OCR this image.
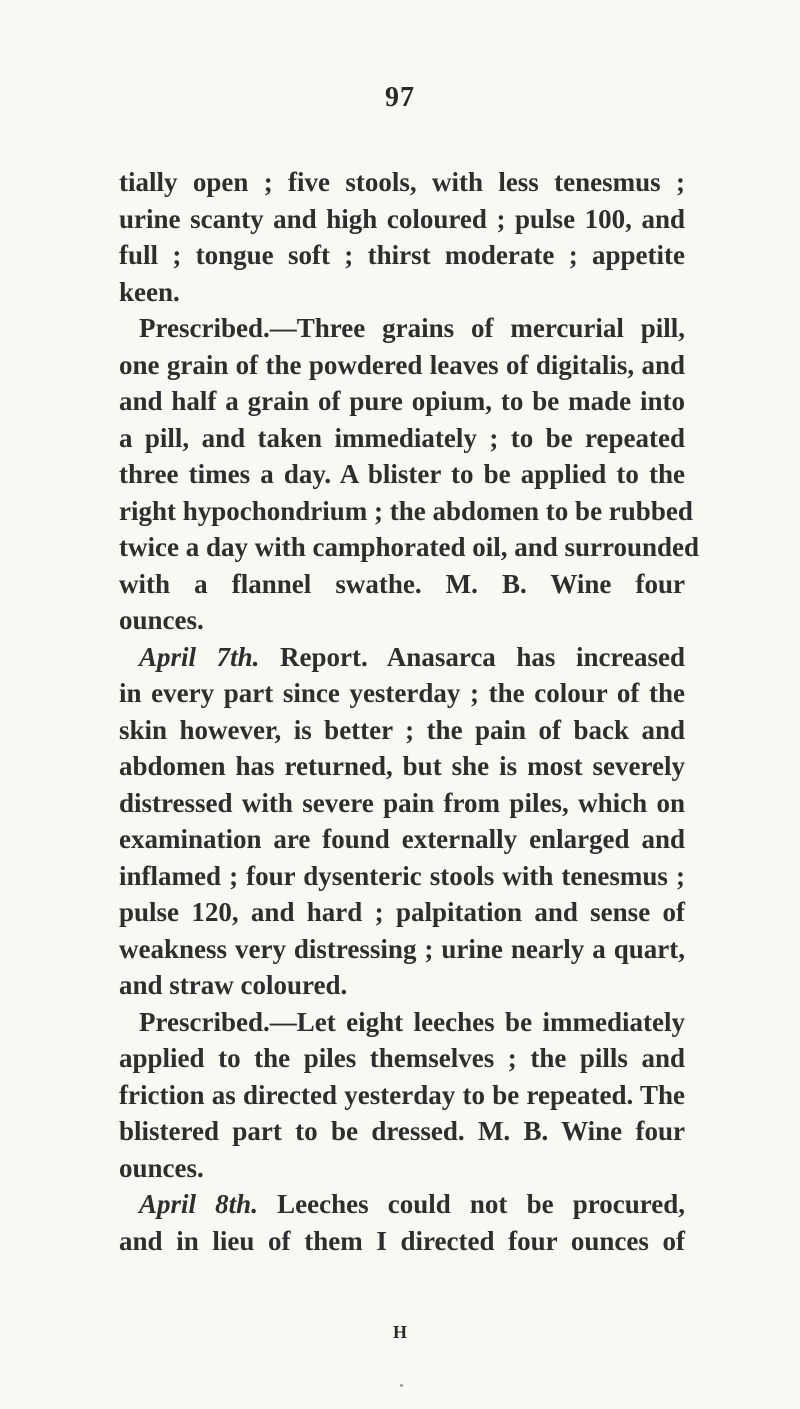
97
tially open ; five stools, with less tenesmus ;
urine scanty and high coloured ; pulse 100, and
full ; tongue soft ; thirst moderate ; appetite
keen.
Prescribed.—Three grains of mercurial pill,
one grain of the powdered leaves of digitalis, and
and half a grain of pure opium, to be made into
a pill, and taken immediately ; to be repeated
three times a day. A blister to be applied to the
right hypochondrium ; the abdomen to be rubbed
twice a day with camphorated oil, and surrounded
with a flannel swathe. M. B. Wine four
ounces.
April 7th. Report. Anasarca has increased
in every part since yesterday ; the colour of the
skin however, is better ; the pain of back and
abdomen has returned, but she is most severely
distressed with severe pain from piles, which on
examination are found externally enlarged and
inflamed ; four dysenteric stools with tenesmus ;
pulse 120, and hard ; palpitation and sense of
weakness very distressing ; urine nearly a quart,
and straw coloured.
Prescribed.—Let eight leeches be immediately
applied to the piles themselves ; the pills and
friction as directed yesterday to be repeated. The
blistered part to be dressed. M. B. Wine four
ounces.
April 8th. Leeches could not be procured,
and in lieu of them I directed four ounces of
H
